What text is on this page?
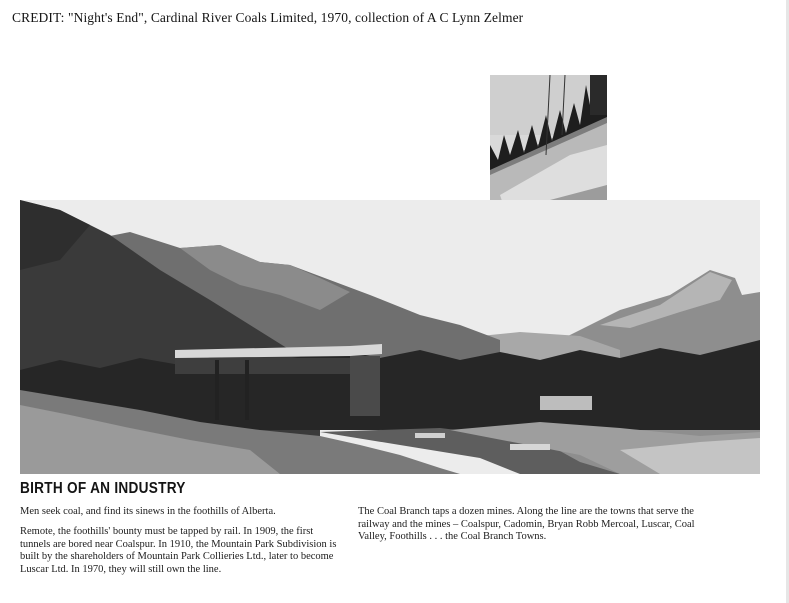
CREDIT: "Night's End", Cardinal River Coals Limited, 1970, collection of A C Lynn Zelmer
BIRTH OF AN INDUSTRY
Men seek coal, and find its sinews in the foothills of Alberta.
Remote, the foothills' bounty must be tapped by rail. In 1909, the first tunnels are bored near Coalspur. In 1910, the Mountain Park Subdivision is built by the shareholders of Mountain Park Collieries Ltd., later to become Luscar Ltd. In 1970, they will still own the line.
The Coal Branch taps a dozen mines. Along the line are the towns that serve the railway and the mines – Coalspur, Cadomin, Bryan Robb Mercoal, Luscar, Coal Valley, Foothills . . . the Coal Branch Towns.
